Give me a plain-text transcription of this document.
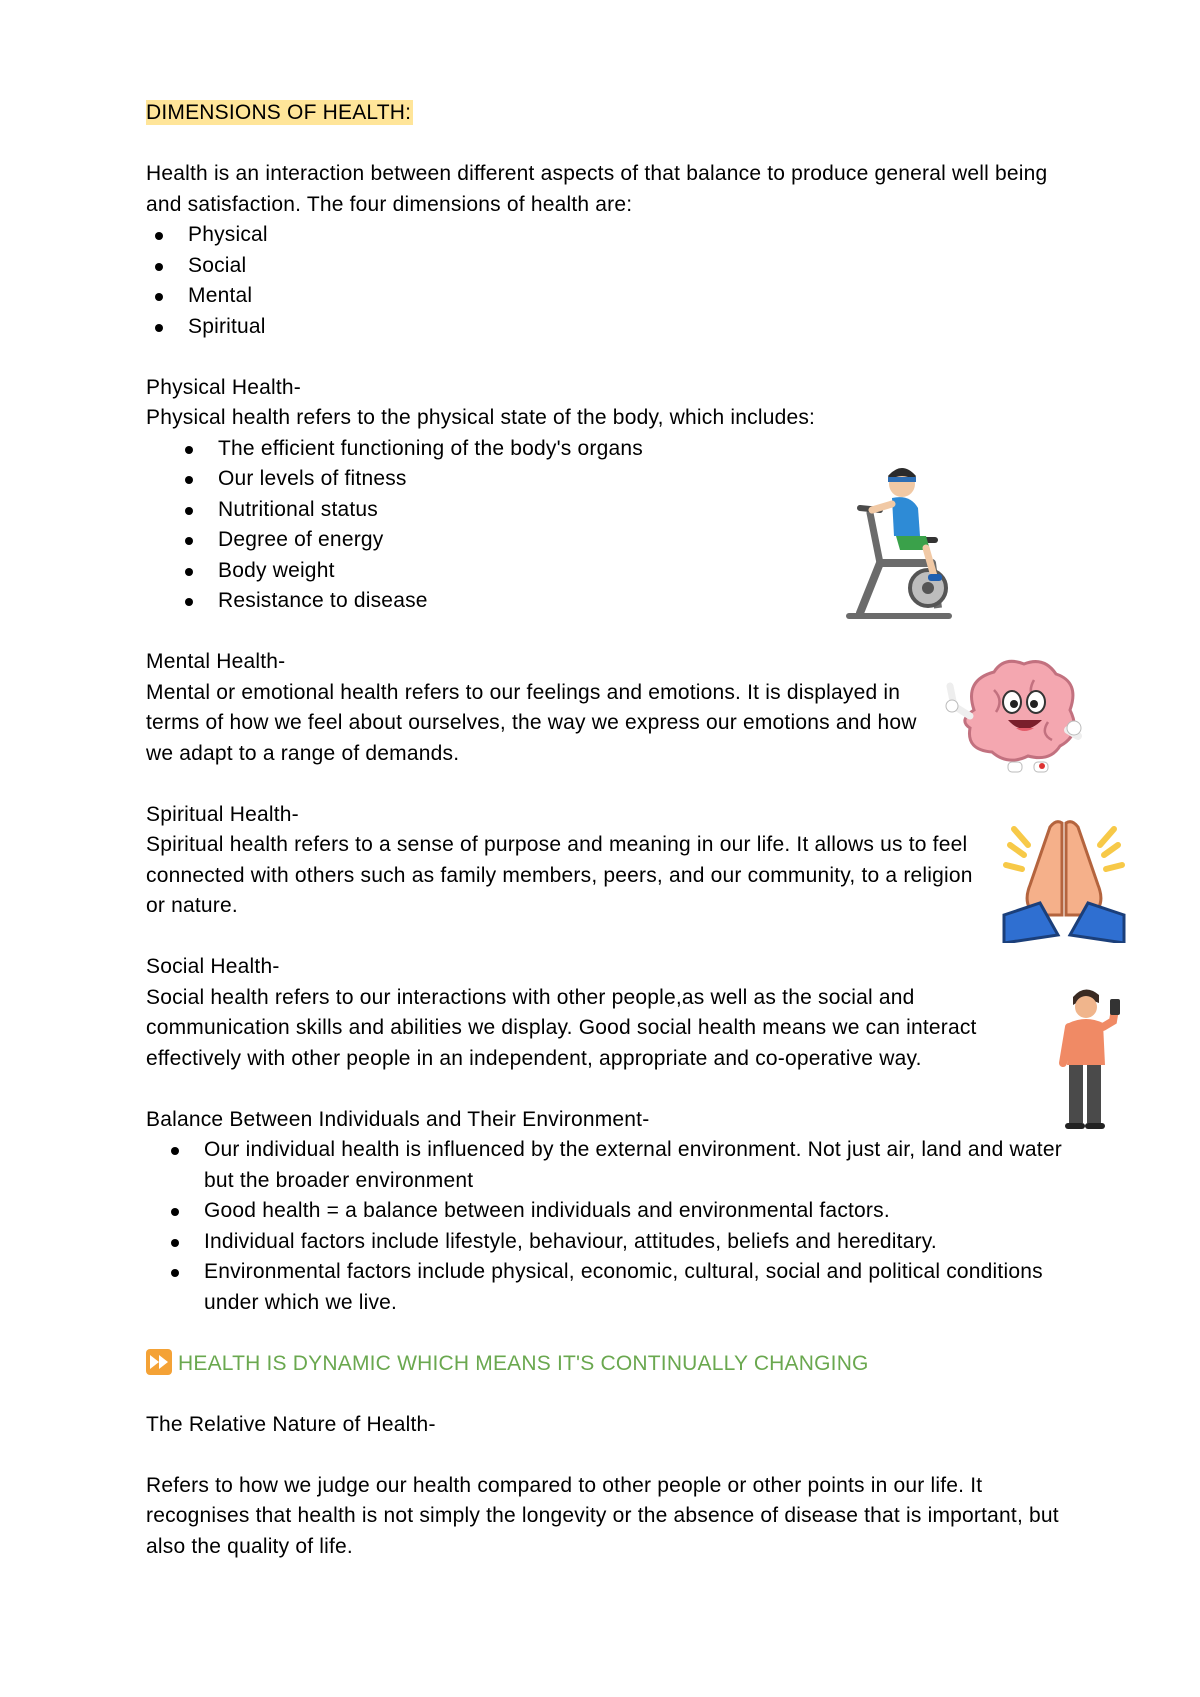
DIMENSIONS OF HEALTH:

Health is an interaction between different aspects of that balance to produce general well being and satisfaction. The four dimensions of health are:

Physical
Social
Mental
Spiritual

Physical Health-

Physical health refers to the physical state of the body, which includes:

The efficient functioning of the body's organs
Our levels of fitness
Nutritional status
Degree of energy
Body weight
Resistance to disease

Mental Health-

Mental or emotional health refers to our feelings and emotions. It is displayed in terms of how we feel about ourselves, the way we express our emotions and how we adapt to a range of demands.

Spiritual Health-

Spiritual health refers to a sense of purpose and meaning in our life. It allows us to feel connected with others such as family members, peers, and our community, to a religion or nature.

Social Health-

Social health refers to our interactions with other people,as well as the social and communication skills and abilities we display. Good social health means we can interact effectively with other people in an independent, appropriate and co-operative way.

Balance Between Individuals and Their Environment-

Our individual health is influenced by the external environment. Not just air, land and water but the broader environment
Good health = a balance between individuals and environmental factors.
Individual factors include lifestyle, behaviour, attitudes, beliefs and hereditary.
Environmental factors include physical, economic, cultural, social and political conditions under which we live.

HEALTH IS DYNAMIC WHICH MEANS IT'S CONTINUALLY CHANGING

The Relative Nature of Health-

Refers to how we judge our health compared to other people or other points in our life. It recognises that health is not simply the longevity or the absence of disease that is important, but also the quality of life.
